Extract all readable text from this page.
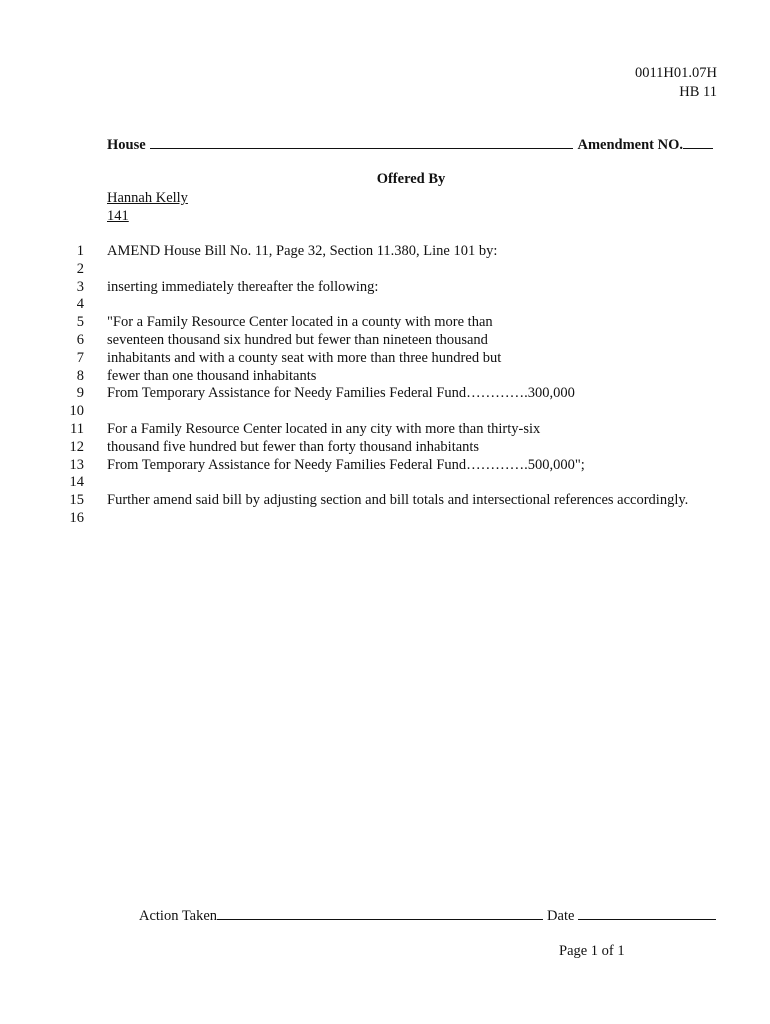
0011H01.07H
HB 11
House	Amendment NO.
Offered By
Hannah Kelly
141
1 AMEND House Bill No. 11, Page 32, Section 11.380, Line 101 by:
2
3 inserting immediately thereafter the following:
4
5 "For a Family Resource Center located in a county with more than
6 seventeen thousand six hundred but fewer than nineteen thousand
7 inhabitants and with a county seat with more than three hundred but
8 fewer than one thousand inhabitants
9 From Temporary Assistance for Needy Families Federal Fund………….300,000
10
11 For a Family Resource Center located in any city with more than thirty-six
12 thousand five hundred but fewer than forty thousand inhabitants
13 From Temporary Assistance for Needy Families Federal Fund………….500,000";
14
15 Further amend said bill by adjusting section and bill totals and intersectional references accordingly.
16
Action Taken	Date
Page 1 of 1
